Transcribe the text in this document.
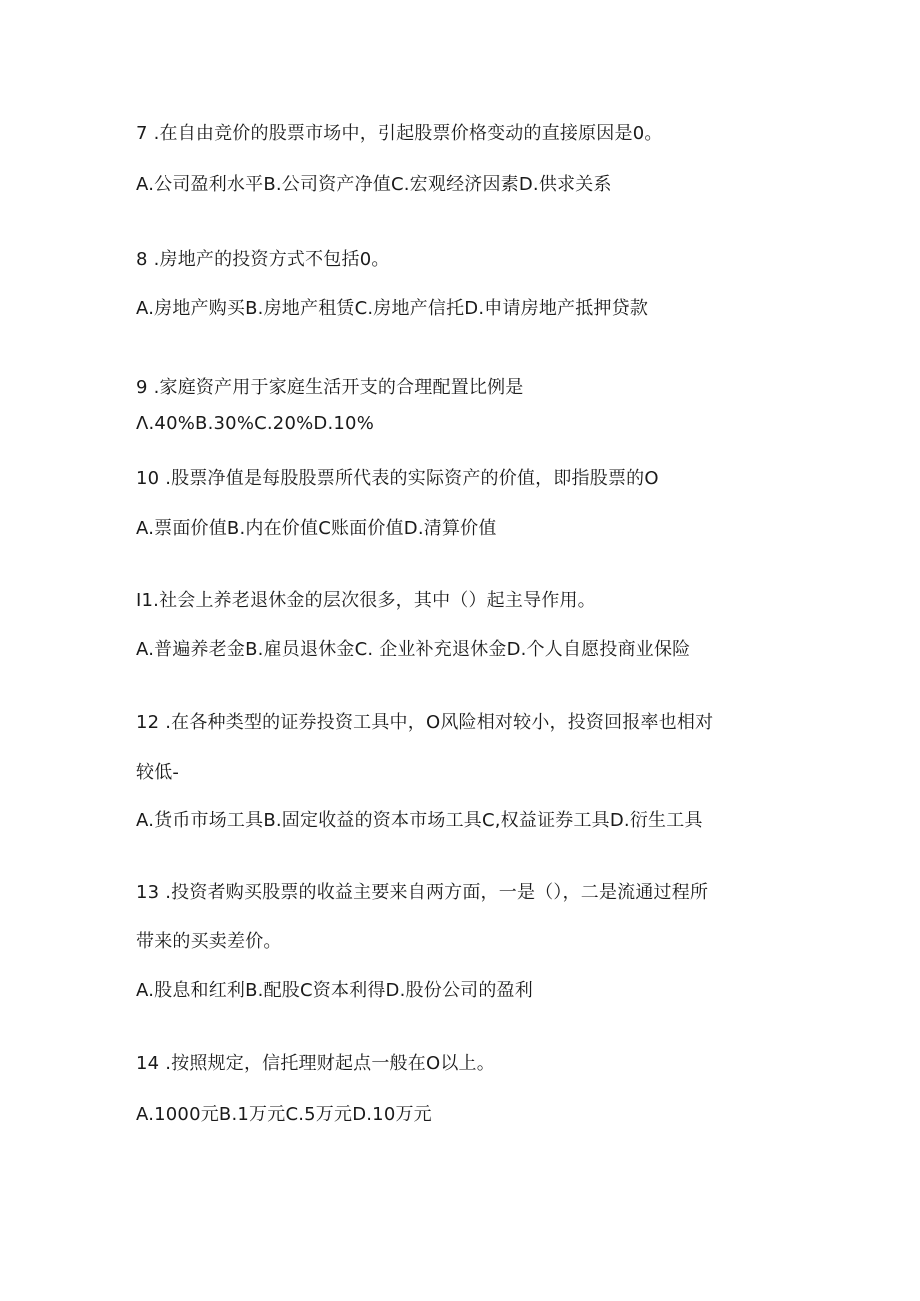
7 .在自由竞价的股票市场中，引起股票价格变动的直接原因是0。
A.公司盈利水平B.公司资产净值C.宏观经济因素D.供求关系
8 .房地产的投资方式不包括0。
A.房地产购买B.房地产租赁C.房地产信托D.申请房地产抵押贷款
9 .家庭资产用于家庭生活开支的合理配置比例是
Λ.40%B.30%C.20%D.10%
10 .股票净值是每股股票所代表的实际资产的价值，即指股票的O
A.票面价值B.内在价值C账面价值D.清算价值
I1.社会上养老退休金的层次很多，其中（）起主导作用。
A.普遍养老金B.雇员退休金C. 企业补充退休金D.个人自愿投商业保险
12 .在各种类型的证券投资工具中，O风险相对较小，投资回报率也相对
较低-
A.货币市场工具B.固定收益的资本市场工具C,权益证券工具D.衍生工具
13 .投资者购买股票的收益主要来自两方面，一是（），二是流通过程所
带来的买卖差价。
A.股息和红利B.配股C资本利得D.股份公司的盈利
14 .按照规定，信托理财起点一般在O以上。
A.1000元B.1万元C.5万元D.10万元
